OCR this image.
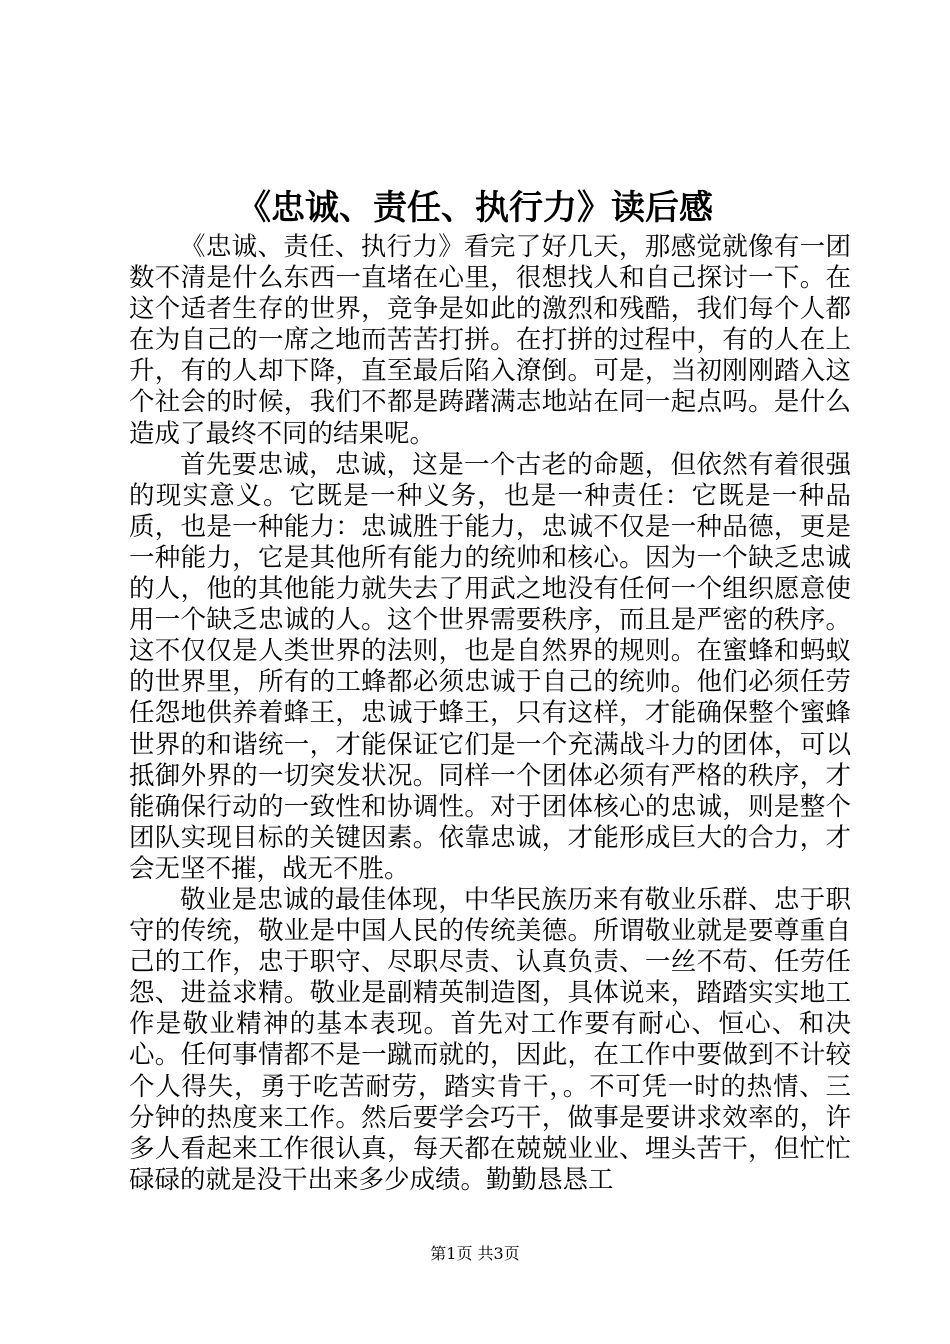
《忠诚、责任、执行力》读后感

《忠诚、责任、执行力》看完了好几天，那感觉就像有一团数不清是什么东西一直堵在心里，很想找人和自己探讨一下。在这个适者生存的世界，竞争是如此的激烈和残酷，我们每个人都在为自己的一席之地而苦苦打拼。在打拼的过程中，有的人在上升，有的人却下降，直至最后陷入潦倒。可是，当初刚刚踏入这个社会的时候，我们不都是踌躇满志地站在同一起点吗。是什么造成了最终不同的结果呢。

首先要忠诚，忠诚，这是一个古老的命题，但依然有着很强的现实意义。它既是一种义务，也是一种责任：它既是一种品质，也是一种能力：忠诚胜于能力，忠诚不仅是一种品德，更是一种能力，它是其他所有能力的统帅和核心。因为一个缺乏忠诚的人，他的其他能力就失去了用武之地没有任何一个组织愿意使用一个缺乏忠诚的人。这个世界需要秩序，而且是严密的秩序。这不仅仅是人类世界的法则，也是自然界的规则。在蜜蜂和蚂蚁的世界里，所有的工蜂都必须忠诚于自己的统帅。他们必须任劳任怨地供养着蜂王，忠诚于蜂王，只有这样，才能确保整个蜜蜂世界的和谐统一，才能保证它们是一个充满战斗力的团体，可以抵御外界的一切突发状况。同样一个团体必须有严格的秩序，才能确保行动的一致性和协调性。对于团体核心的忠诚，则是整个团队实现目标的关键因素。依靠忠诚，才能形成巨大的合力，才会无坚不摧，战无不胜。

敬业是忠诚的最佳体现，中华民族历来有敬业乐群、忠于职守的传统，敬业是中国人民的传统美德。所谓敬业就是要尊重自己的工作，忠于职守、尽职尽责、认真负责、一丝不苟、任劳任怨、进益求精。敬业是副精英制造图，具体说来，踏踏实实地工作是敬业精神的基本表现。首先对工作要有耐心、恒心、和决心。任何事情都不是一蹴而就的，因此，在工作中要做到不计较个人得失，勇于吃苦耐劳，踏实肯干，。不可凭一时的热情、三分钟的热度来工作。然后要学会巧干，做事是要讲求效率的，许多人看起来工作很认真，每天都在兢兢业业、埋头苦干，但忙忙碌碌的就是没干出来多少成绩。勤勤恳恳工

第1页 共3页
